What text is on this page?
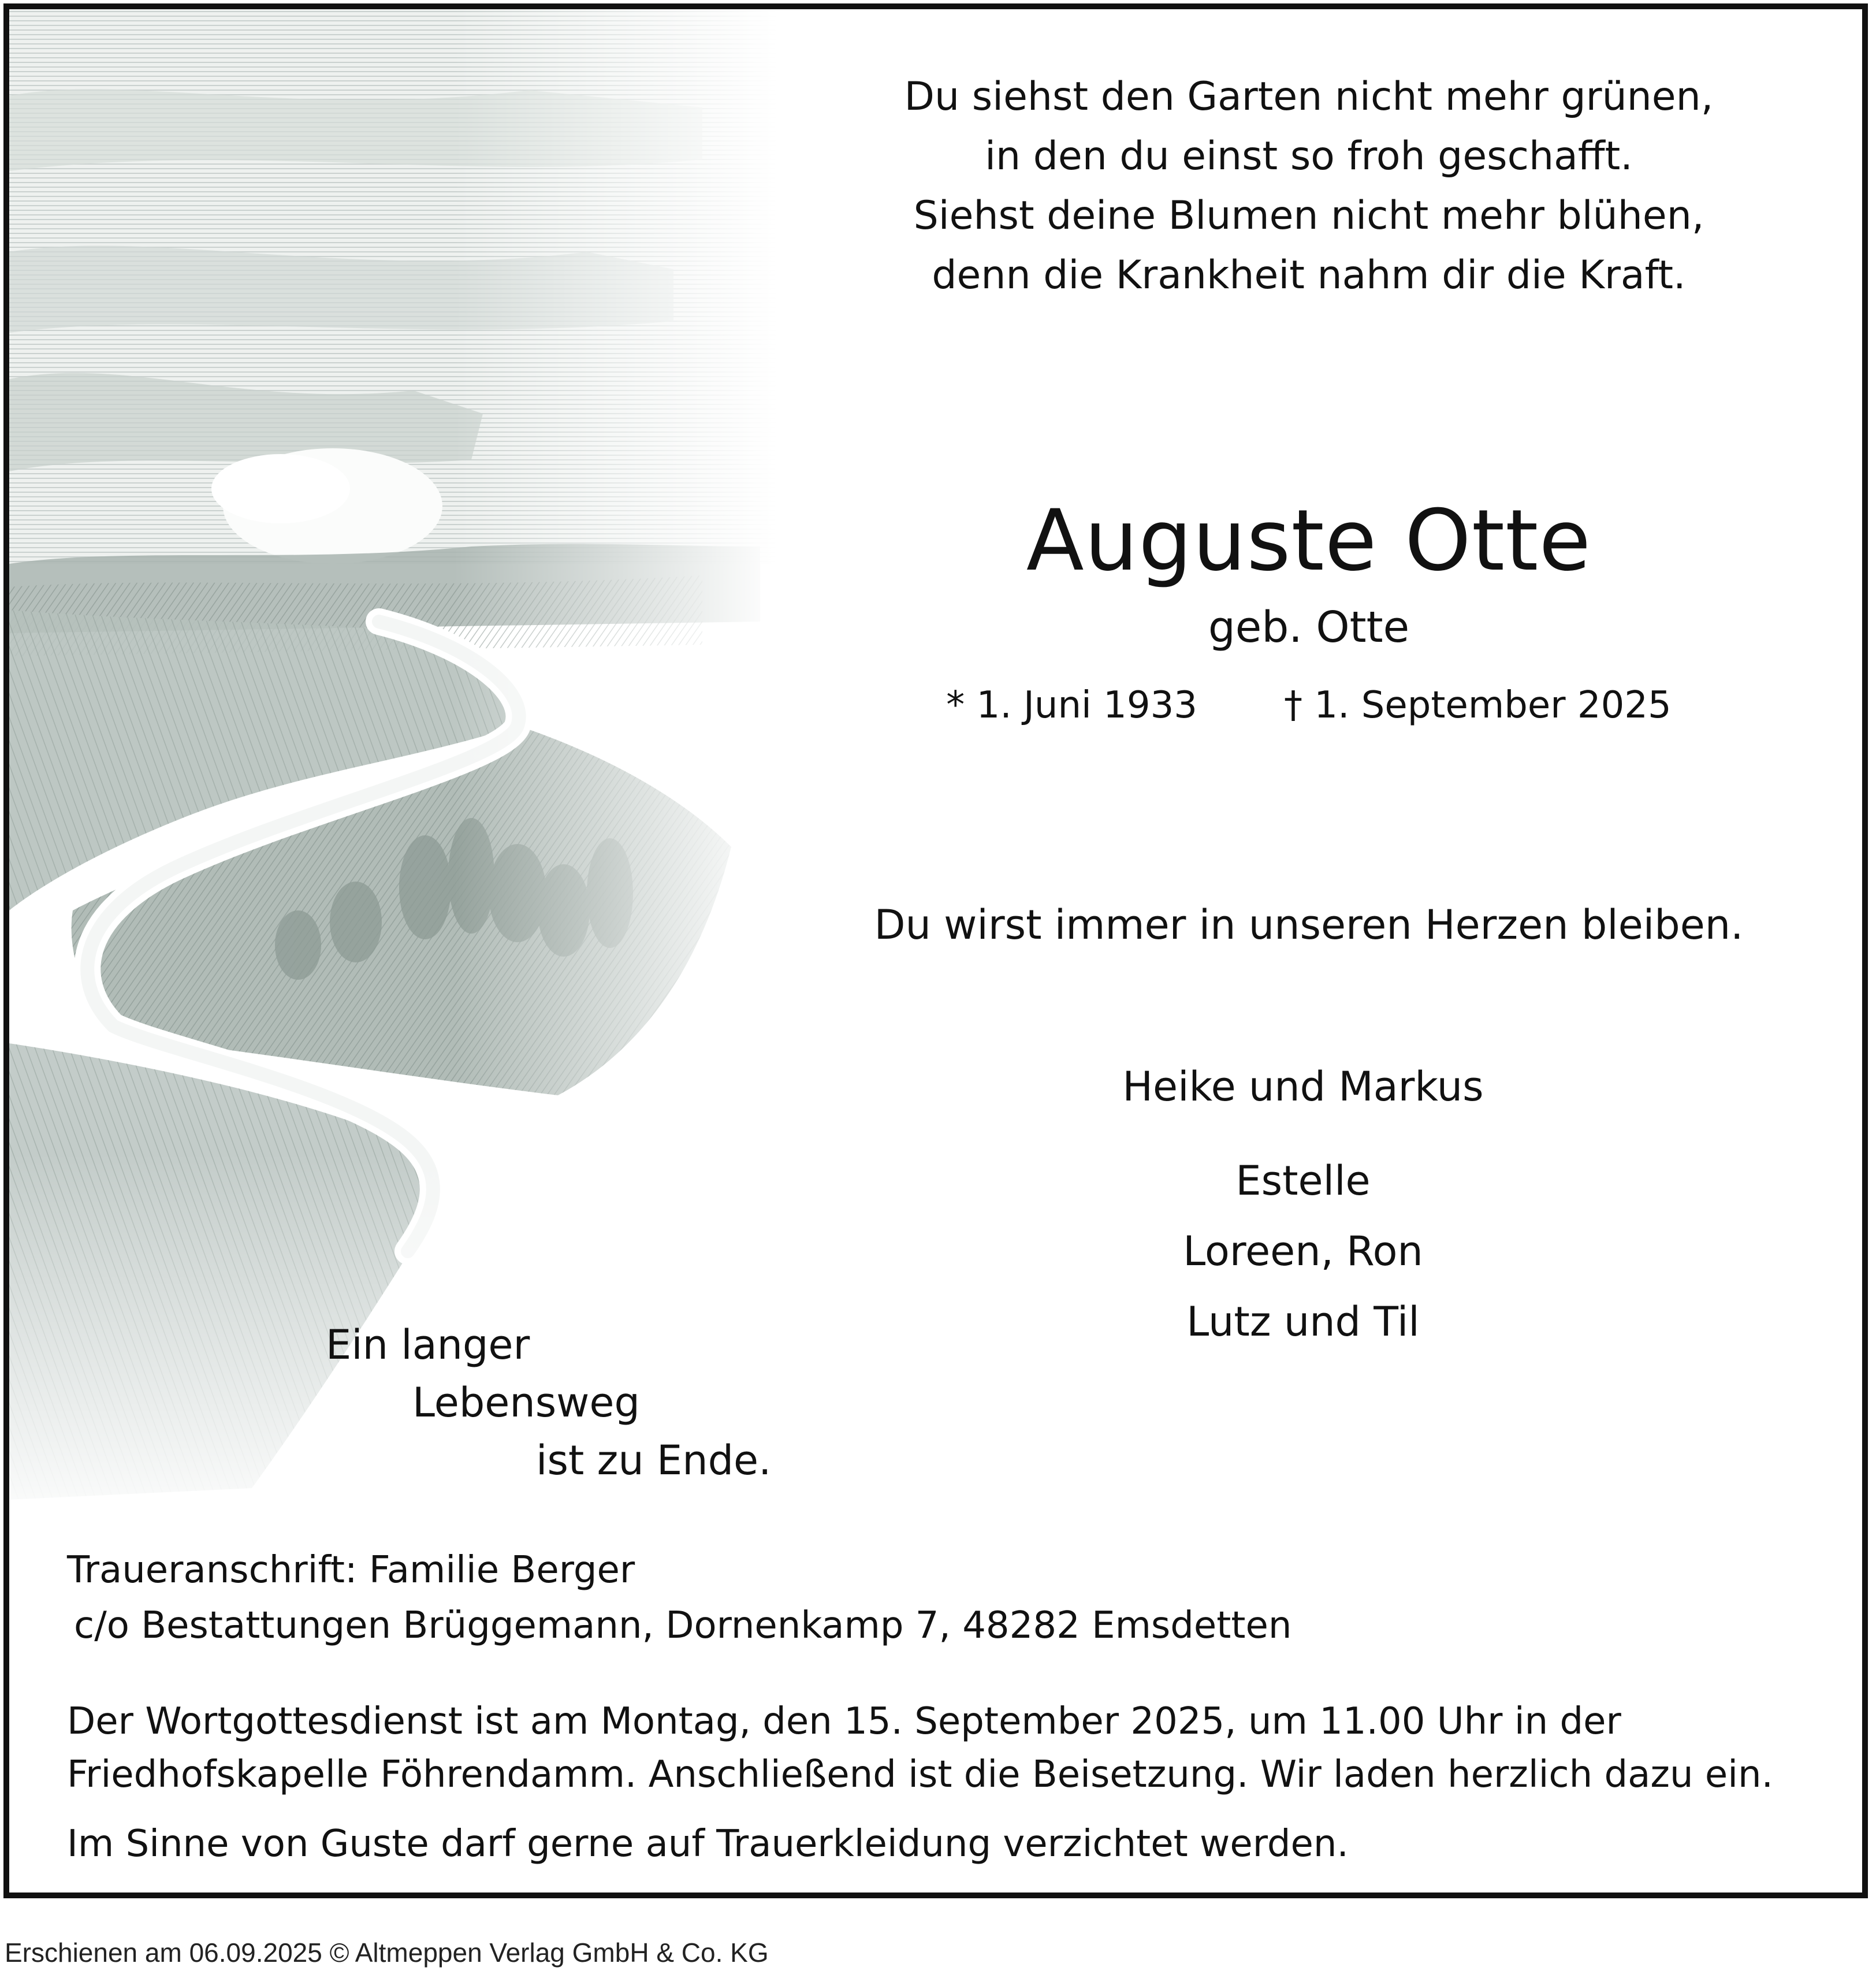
Du siehst den Garten nicht mehr grünen,
in den du einst so froh geschafft.
Siehst deine Blumen nicht mehr blühen,
denn die Krankheit nahm dir die Kraft.
Auguste Otte
geb. Otte
* 1. Juni 1933 † 1. September 2025
Du wirst immer in unseren Herzen bleiben.
Heike und Markus
Estelle
Loreen, Ron
Lutz und Til
Ein langer
Lebensweg
ist zu Ende.
Traueranschrift: Familie Berger
c/o Bestattungen Brüggemann, Dornenkamp 7, 48282 Emsdetten
Der Wortgottesdienst ist am Montag, den 15. September 2025, um 11.00 Uhr in der
Friedhofskapelle Föhrendamm. Anschließend ist die Beisetzung. Wir laden herzlich dazu ein.
Im Sinne von Guste darf gerne auf Trauerkleidung verzichtet werden.
Erschienen am 06.09.2025 © Altmeppen Verlag GmbH & Co. KG
